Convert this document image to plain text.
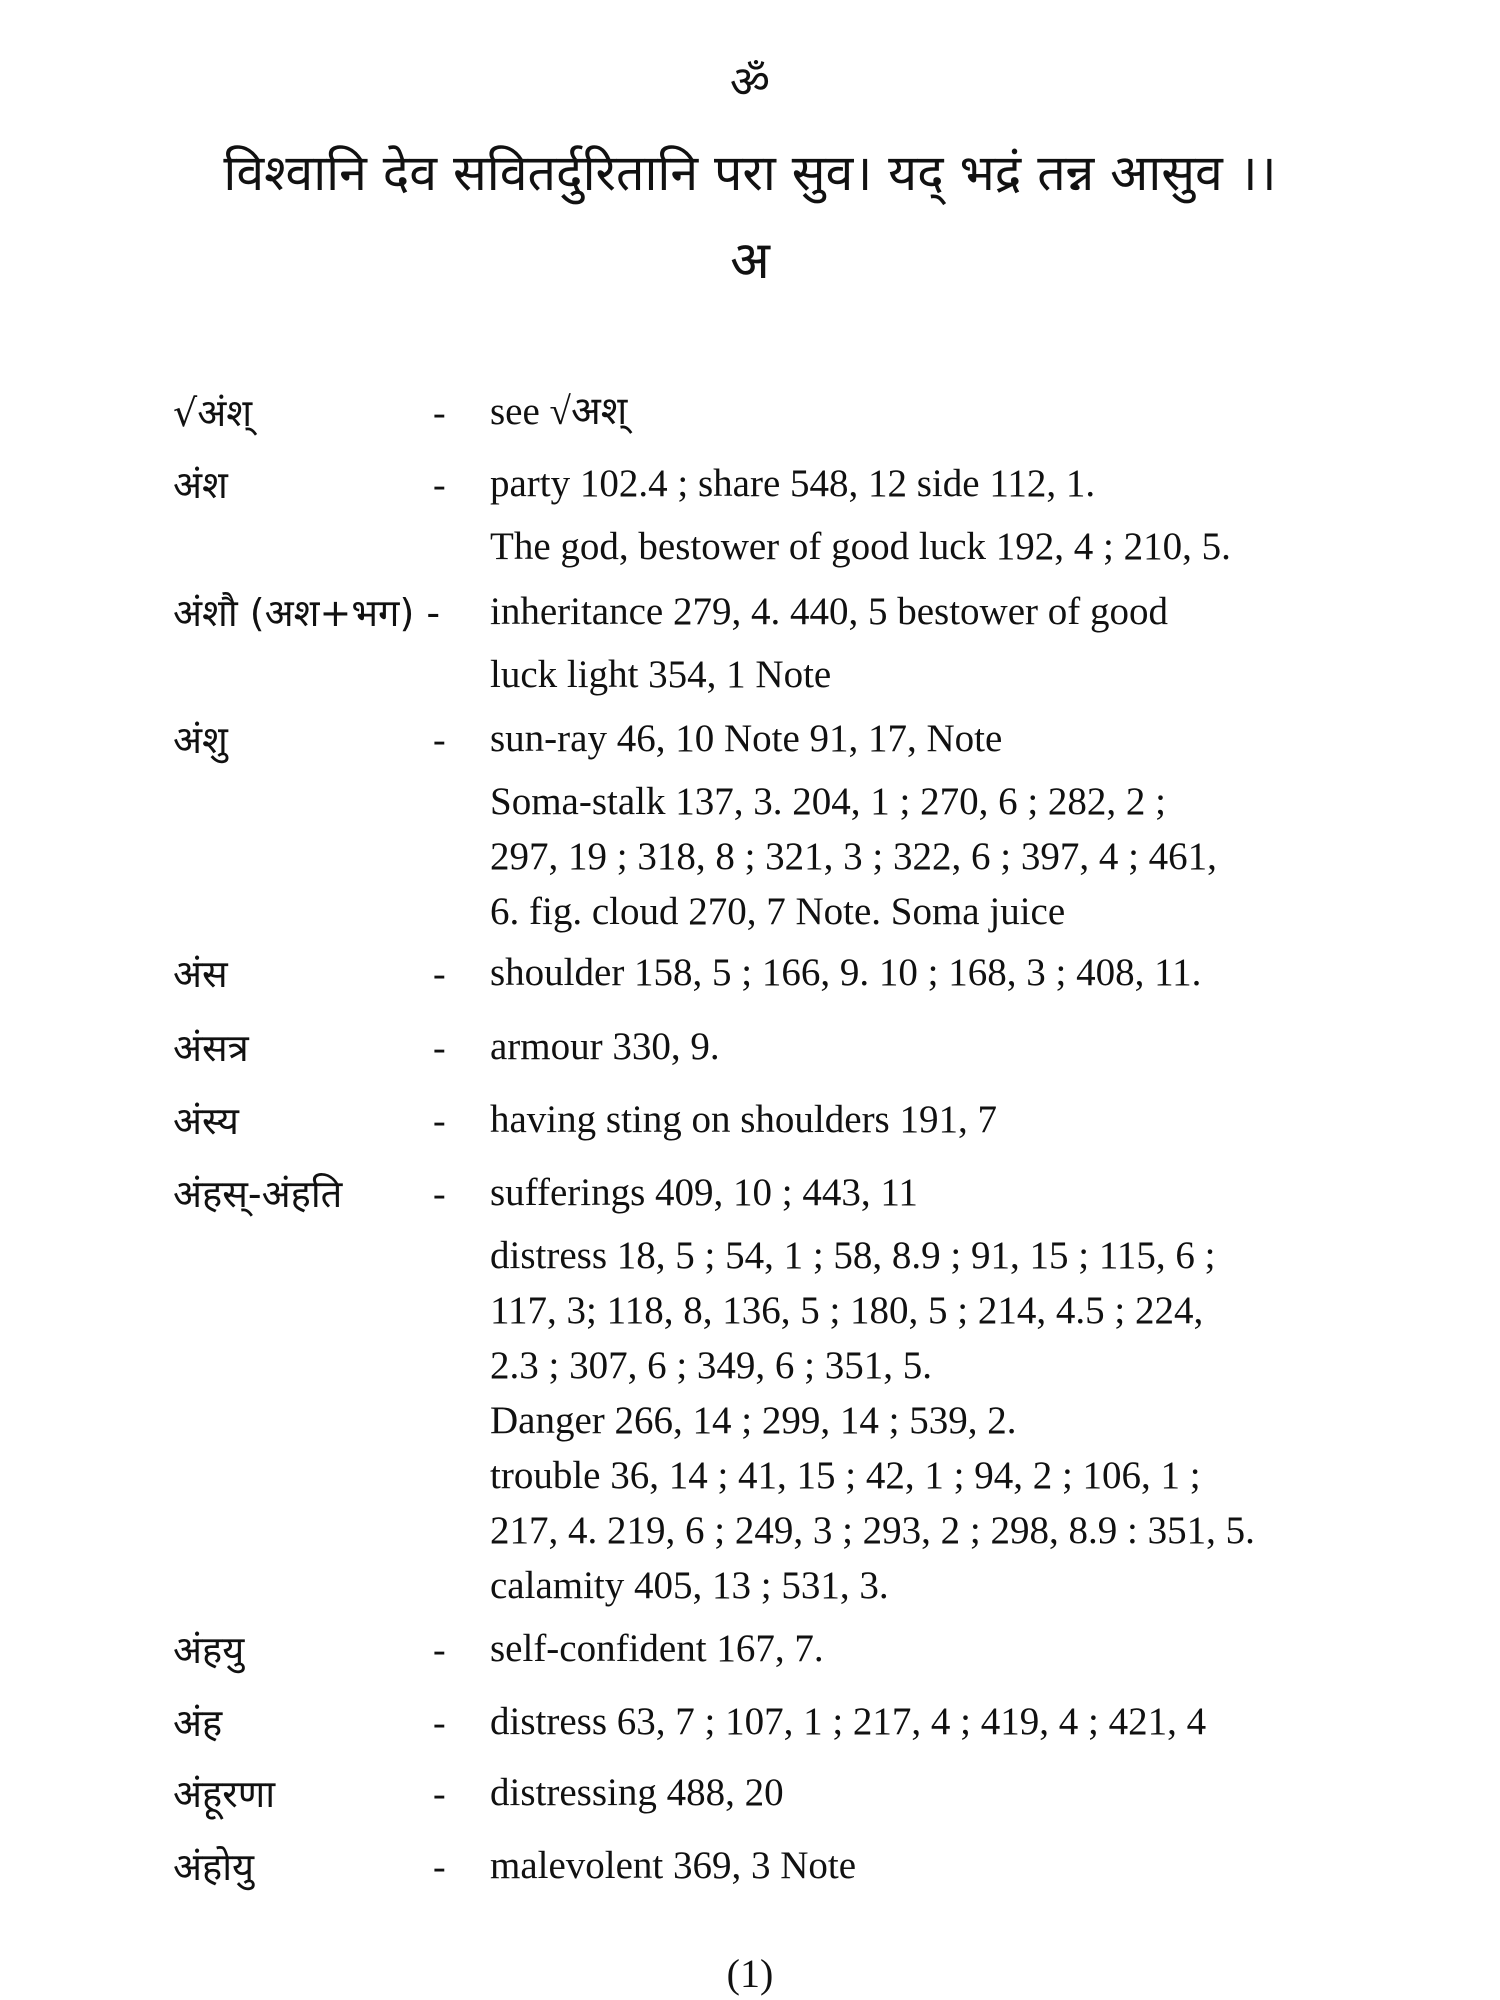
ॐ
विश्वानि देव सवितर्दुरितानि परा सुव। यद् भद्रं तन्न आसुव ।।
अ
√अंश्	- see √अश्
अंश	- party 102.4 ; share 548, 12 side 112, 1.
The god, bestower of good luck 192, 4 ; 210, 5.
अंशौ (अश+भग) -	inheritance 279, 4. 440, 5 bestower of good
luck light 354, 1 Note
अंशु	- sun-ray 46, 10 Note 91, 17, Note
Soma-stalk 137, 3. 204, 1 ; 270, 6 ; 282, 2 ;
297, 19 ; 318, 8 ; 321, 3 ; 322, 6 ; 397, 4 ; 461,
6. fig. cloud 270, 7 Note. Soma juice
अंस	- shoulder 158, 5 ; 166, 9. 10 ; 168, 3 ; 408, 11.
अंसत्र	- armour 330, 9.
अंस्य	- having sting on shoulders 191, 7
अंहस्-अंहति	- sufferings 409, 10 ; 443, 11
distress 18, 5 ; 54, 1 ; 58, 8.9 ; 91, 15 ; 115, 6 ;
117, 3; 118, 8, 136, 5 ; 180, 5 ; 214, 4.5 ; 224,
2.3 ; 307, 6 ; 349, 6 ; 351, 5.
Danger 266, 14 ; 299, 14 ; 539, 2.
trouble 36, 14 ; 41, 15 ; 42, 1 ; 94, 2 ; 106, 1 ;
217, 4. 219, 6 ; 249, 3 ; 293, 2 ; 298, 8.9 : 351, 5.
calamity 405, 13 ; 531, 3.
अंहयु	- self-confident 167, 7.
अंह	- distress 63, 7 ; 107, 1 ; 217, 4 ; 419, 4 ; 421, 4
अंहूरणा	- distressing 488, 20
अंहोयु	- malevolent 369, 3 Note
(1)
